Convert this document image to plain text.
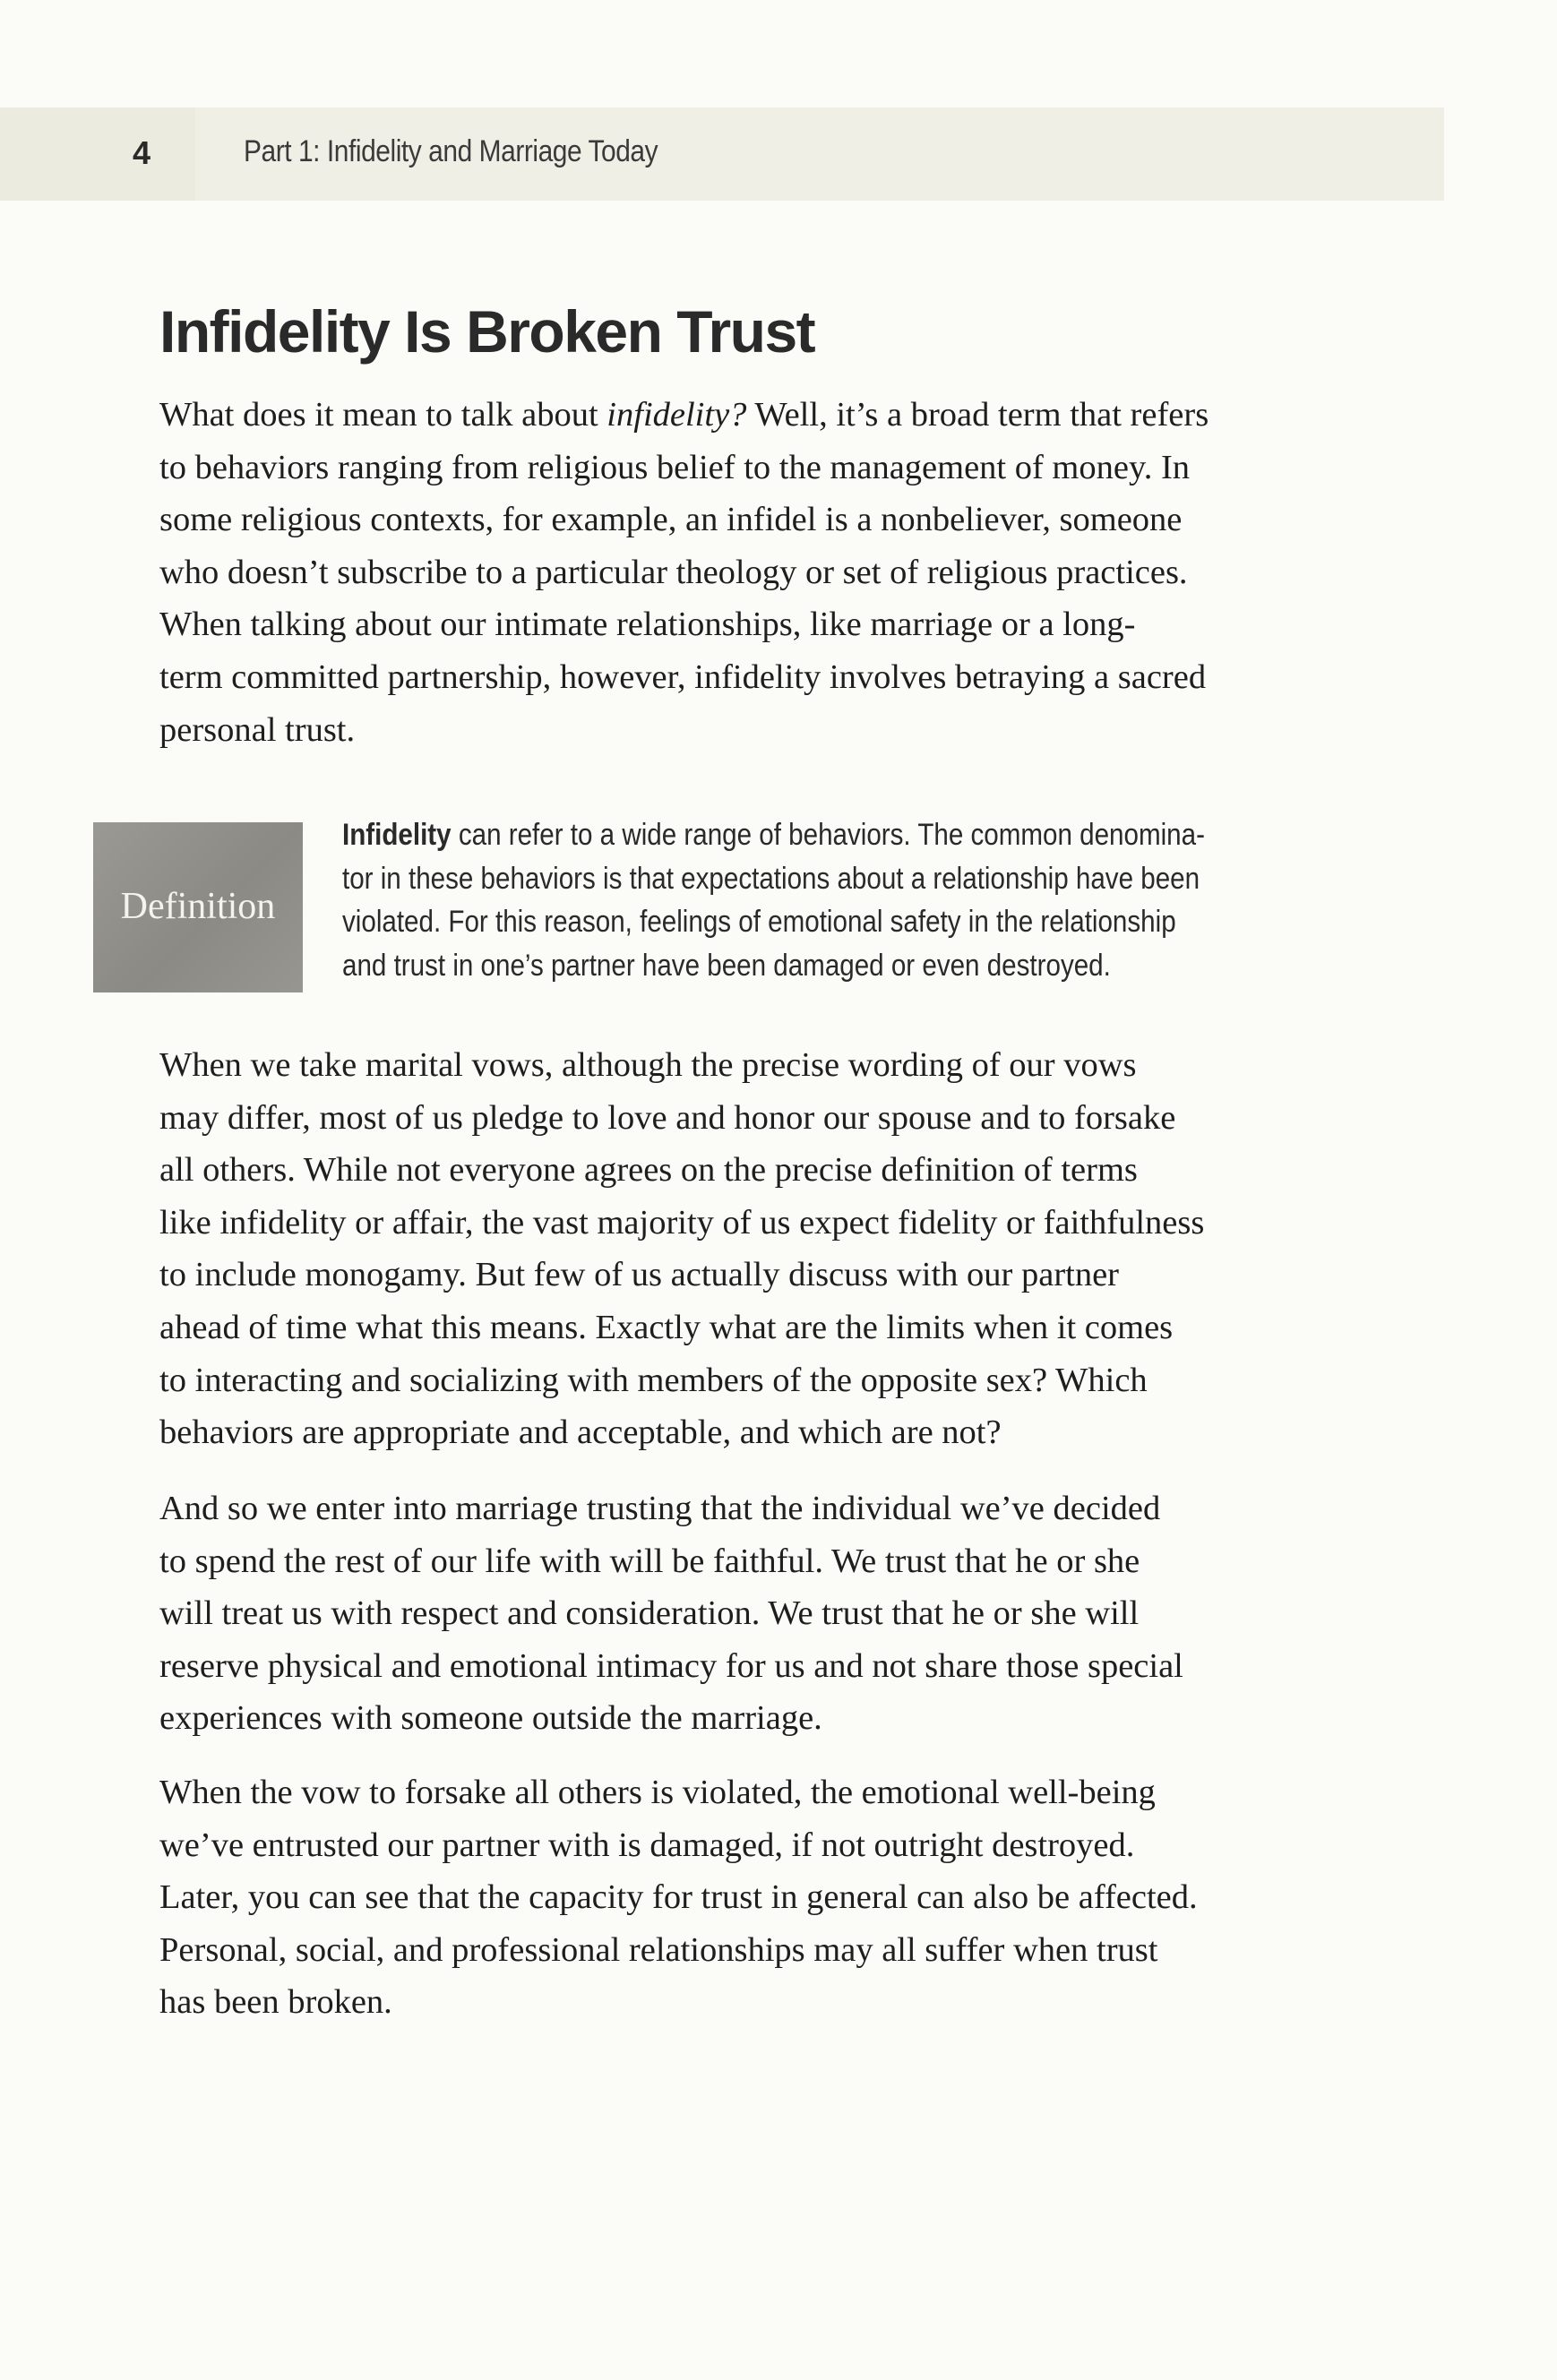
4	Part 1: Infidelity and Marriage Today
Infidelity Is Broken Trust

What does it mean to talk about infidelity? Well, it’s a broad term that refers
to behaviors ranging from religious belief to the management of money. In
some religious contexts, for example, an infidel is a nonbeliever, someone
who doesn’t subscribe to a particular theology or set of religious practices.
When talking about our intimate relationships, like marriage or a long-
term committed partnership, however, infidelity involves betraying a sacred
personal trust.

Definition

Infidelity can refer to a wide range of behaviors. The common denomina-
tor in these behaviors is that expectations about a relationship have been
violated. For this reason, feelings of emotional safety in the relationship
and trust in one’s partner have been damaged or even destroyed.

When we take marital vows, although the precise wording of our vows
may differ, most of us pledge to love and honor our spouse and to forsake
all others. While not everyone agrees on the precise definition of terms
like infidelity or affair, the vast majority of us expect fidelity or faithfulness
to include monogamy. But few of us actually discuss with our partner
ahead of time what this means. Exactly what are the limits when it comes
to interacting and socializing with members of the opposite sex? Which
behaviors are appropriate and acceptable, and which are not?

And so we enter into marriage trusting that the individual we’ve decided
to spend the rest of our life with will be faithful. We trust that he or she
will treat us with respect and consideration. We trust that he or she will
reserve physical and emotional intimacy for us and not share those special
experiences with someone outside the marriage.

When the vow to forsake all others is violated, the emotional well-being
we’ve entrusted our partner with is damaged, if not outright destroyed.
Later, you can see that the capacity for trust in general can also be affected.
Personal, social, and professional relationships may all suffer when trust
has been broken.
